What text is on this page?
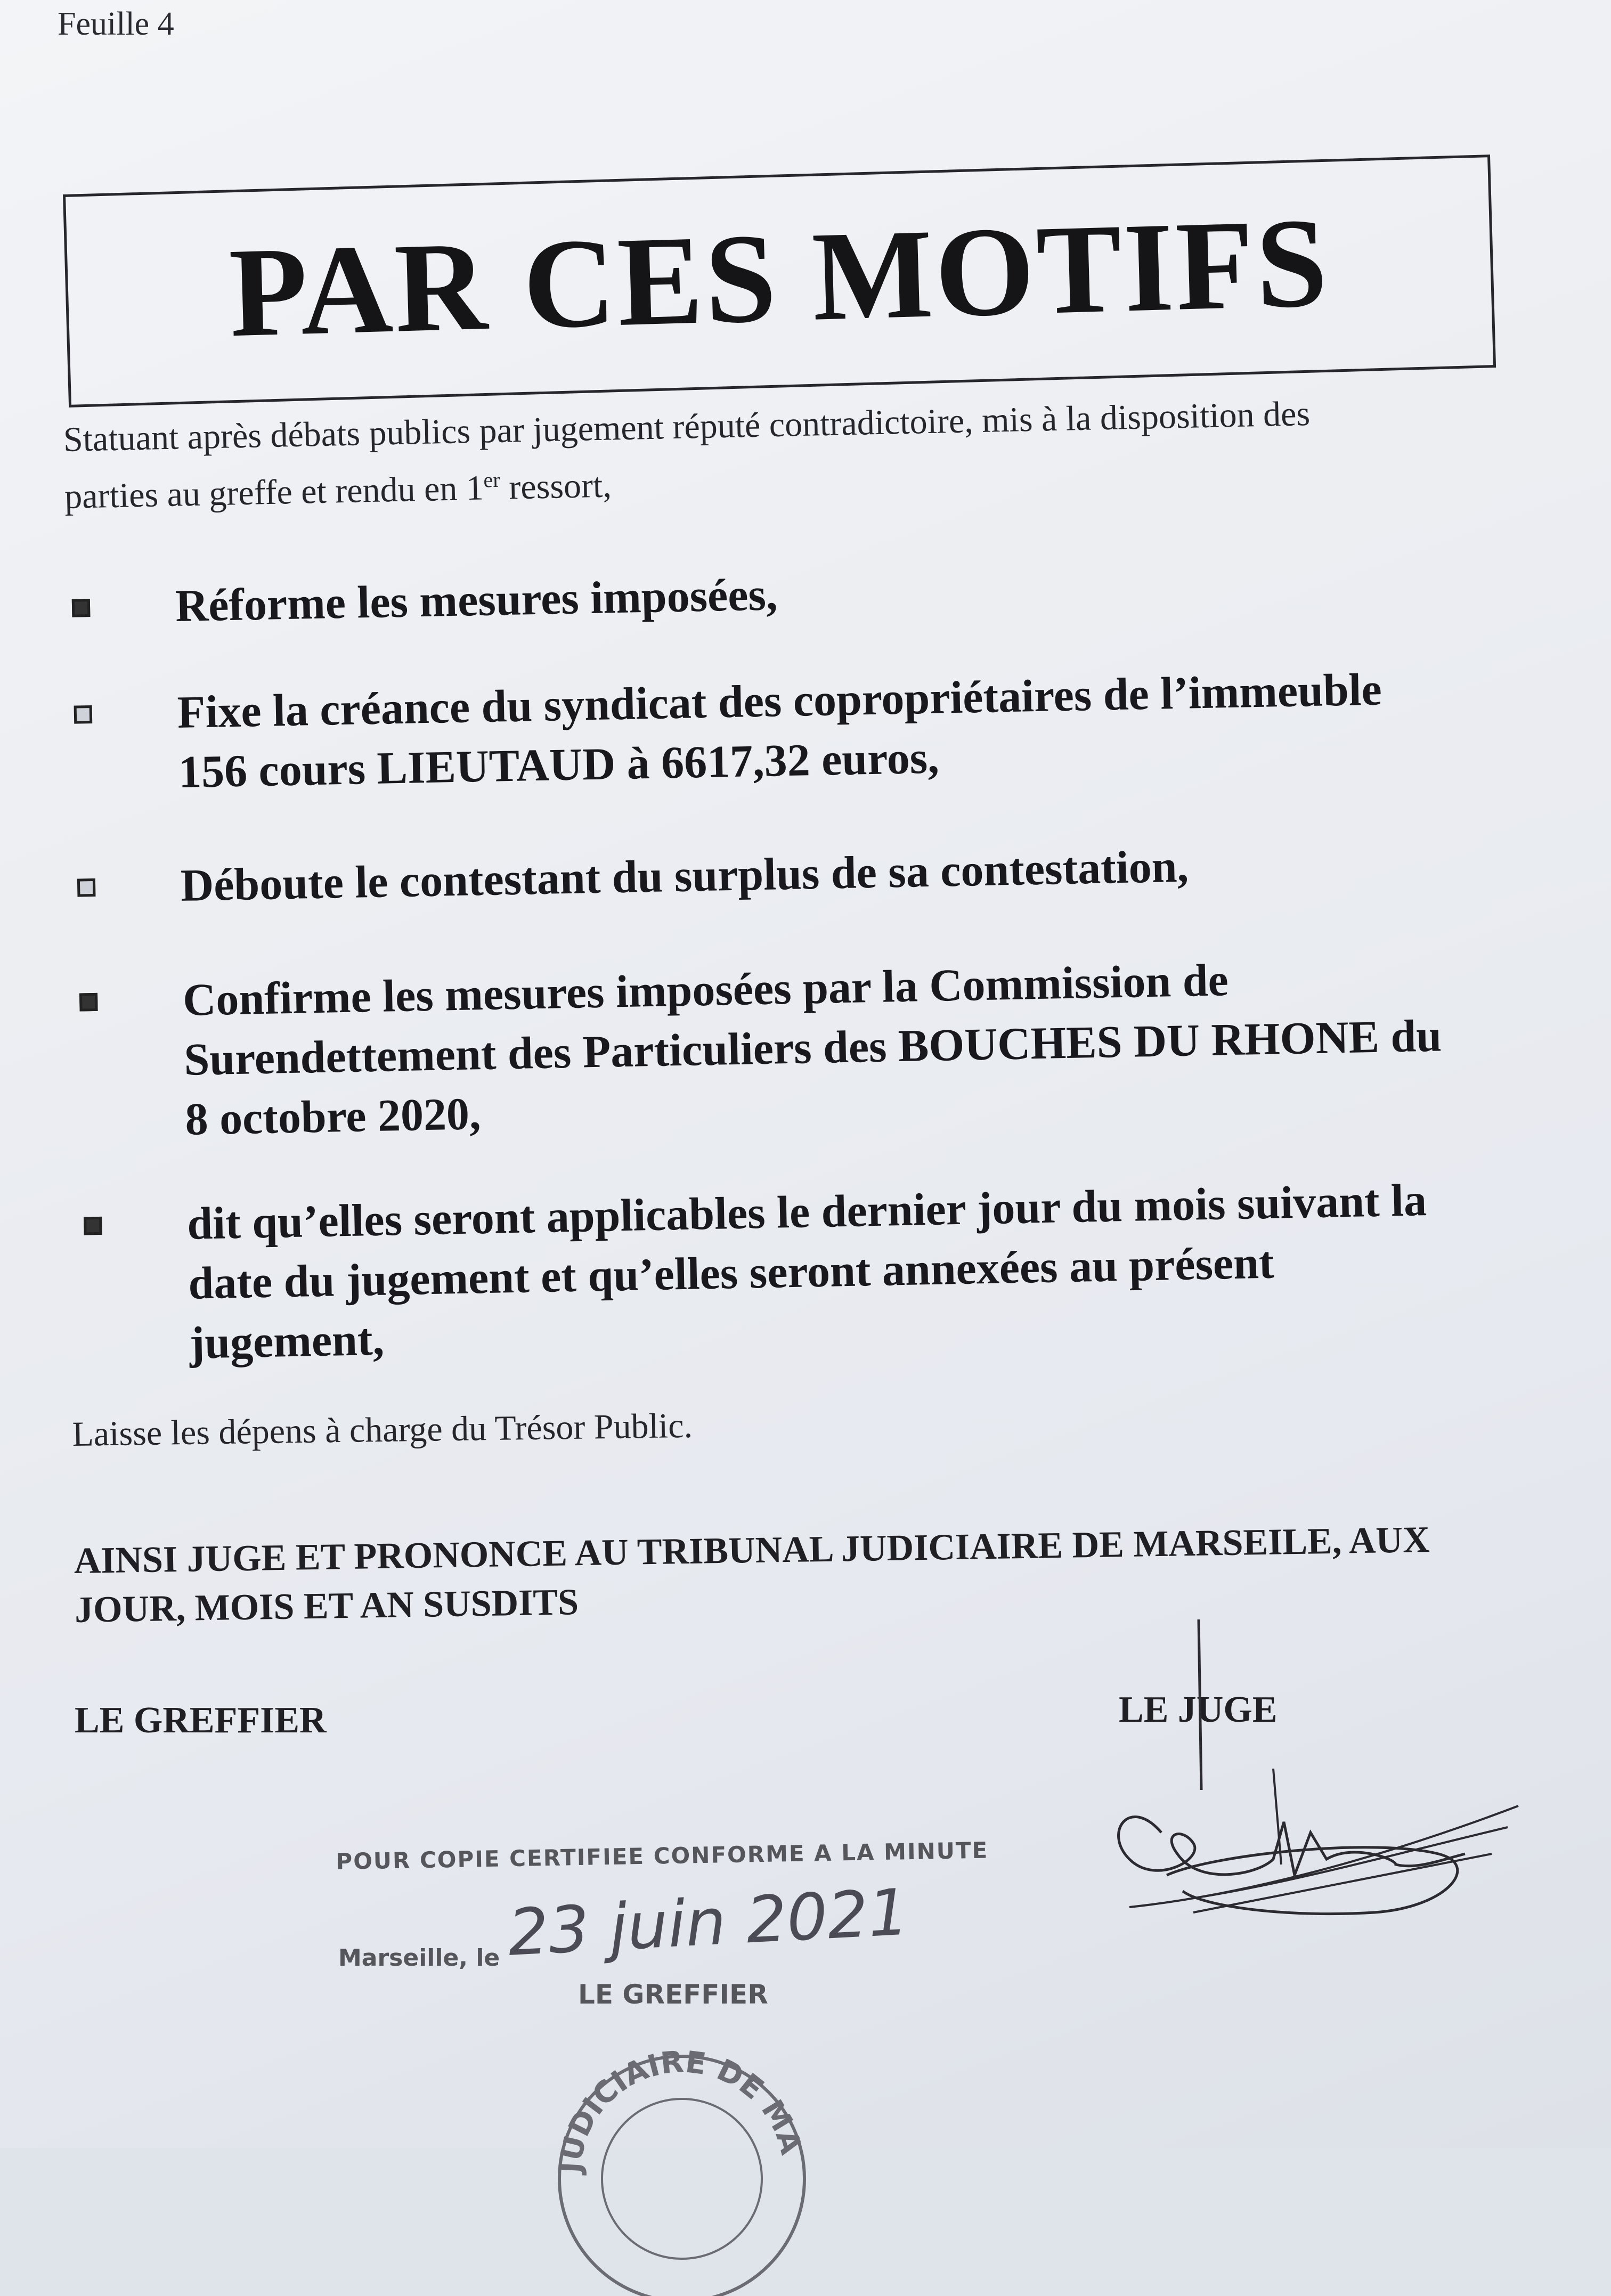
Feuille 4
PAR CES MOTIFS
Statuant après débats publics par jugement réputé contradictoire, mis à la disposition des
parties au greffe et rendu en 1er ressort,
Réforme les mesures imposées,
Fixe la créance du syndicat des copropriétaires de l’immeuble
156 cours LIEUTAUD à 6617,32 euros,
Déboute le contestant du surplus de sa contestation,
Confirme les mesures imposées par la Commission de
Surendettement des Particuliers des BOUCHES DU RHONE du
8 octobre 2020,
dit qu’elles seront applicables le dernier jour du mois suivant la
date du jugement et qu’elles seront annexées au présent
jugement,
Laisse les dépens à charge du Trésor Public.
AINSI JUGE ET PRONONCE AU TRIBUNAL JUDICIAIRE DE MARSEILE, AUX
JOUR, MOIS ET AN SUSDITS
LE GREFFIER	LE JUGE
POUR COPIE CERTIFIEE CONFORME A LA MINUTE
Marseille, le 23 juin 2021
LE GREFFIER
JUDICIAIRE DE MA
